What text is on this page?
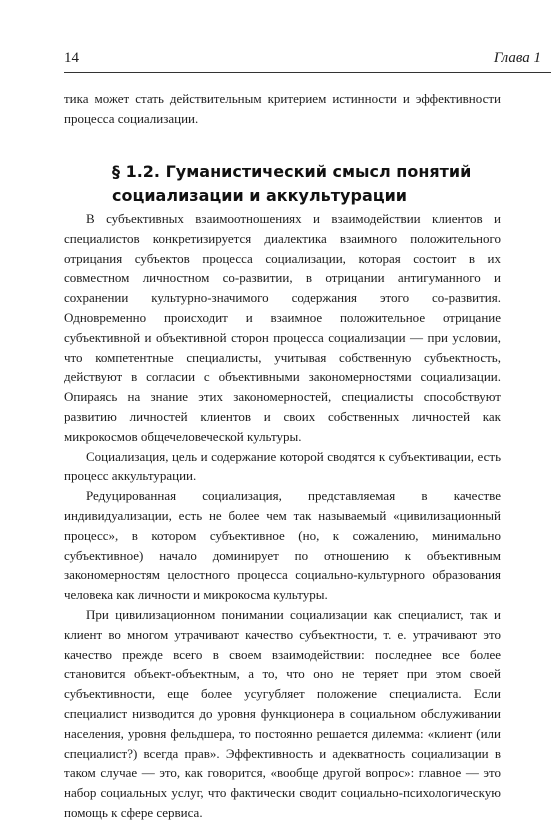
14	Глава 1

тика может стать действительным критерием истинности и эффективности процесса социализации.

§ 1.2. Гуманистический смысл понятий
социализации и аккультурации

В субъективных взаимоотношениях и взаимодействии клиентов и специалистов конкретизируется диалектика взаимного положительного отрицания субъектов процесса социализации, которая состоит в их совместном личностном со-развитии, в отрицании антигуманного и сохранении культурно-значимого содержания этого со-развития. Одновременно происходит и взаимное положительное отрицание субъективной и объективной сторон процесса социализации — при условии, что компетентные специалисты, учитывая собственную субъектность, действуют в согласии с объективными закономерностями социализации. Опираясь на знание этих закономерностей, специалисты способствуют развитию личностей клиентов и своих собственных личностей как микрокосмов общечеловеческой культуры.

Социализация, цель и содержание которой сводятся к субъективации, есть процесс аккультурации.

Редуцированная социализация, представляемая в качестве индивидуализации, есть не более чем так называемый «цивилизационный процесс», в котором субъективное (но, к сожалению, минимально субъективное) начало доминирует по отношению к объективным закономерностям целостного процесса социально-культурного образования человека как личности и микрокосма культуры.

При цивилизационном понимании социализации как специалист, так и клиент во многом утрачивают качество субъектности, т. е. утрачивают это качество прежде всего в своем взаимодействии: последнее все более становится объект-объектным, а то, что оно не теряет при этом своей субъективности, еще более усугубляет положение специалиста. Если специалист низводится до уровня функционера в социальном обслуживании населения, уровня фельдшера, то постоянно решается дилемма: «клиент (или специалист?) всегда прав». Эффективность и адекватность социализации в таком случае — это, как говорится, «вообще другой вопрос»: главное — это набор социальных услуг, что фактически сводит социально-психологическую помощь к сфере сервиса.
